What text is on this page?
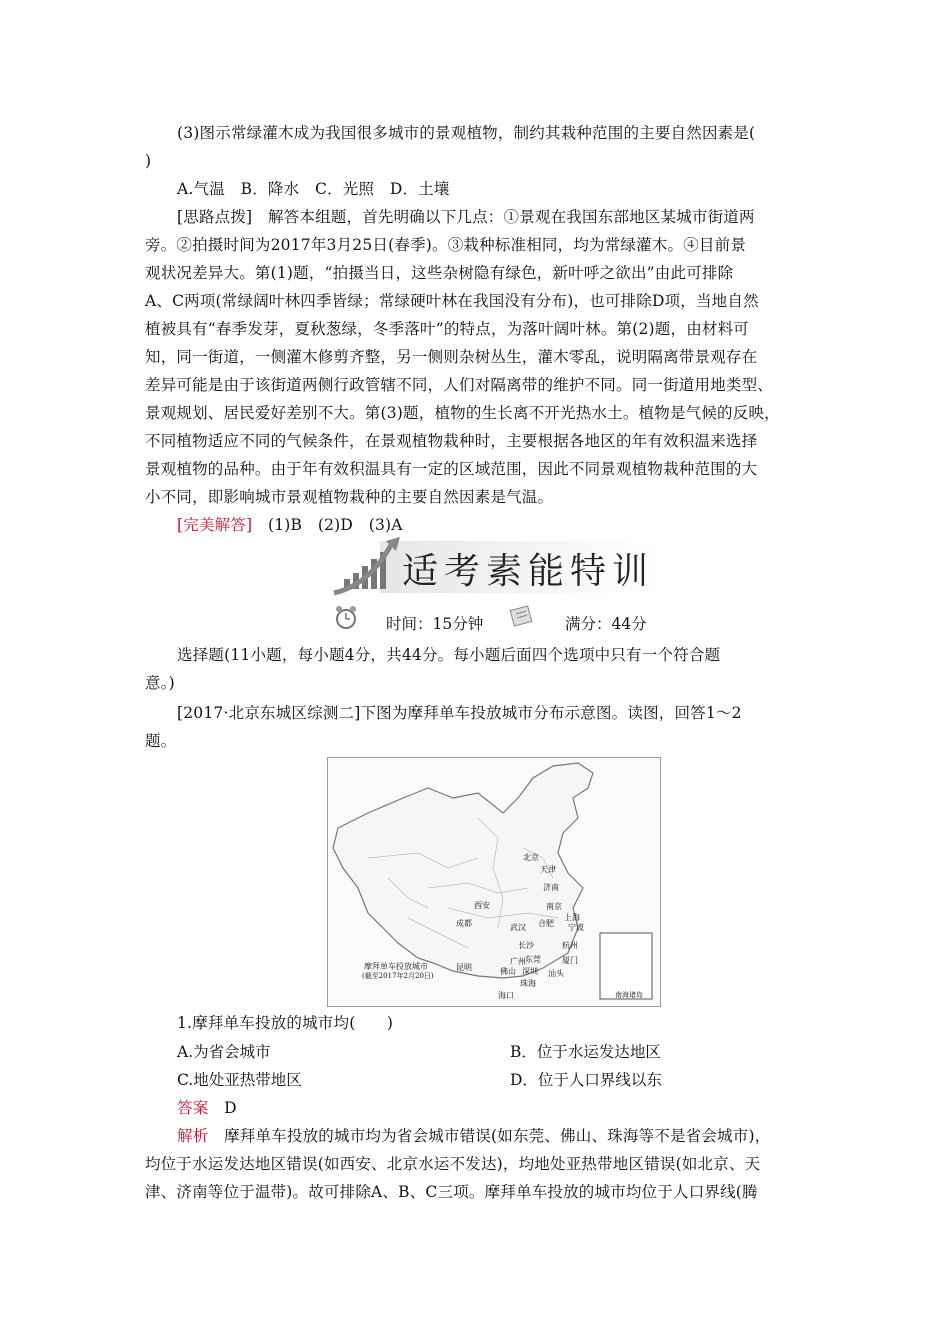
(3)图示常绿灌木成为我国很多城市的景观植物，制约其栽种范围的主要自然因素是(
)
A.气温　B．降水　C．光照　D．土壤
[思路点拨]　解答本组题，首先明确以下几点：①景观在我国东部地区某城市街道两
旁。②拍摄时间为2017年3月25日(春季)。③栽种标准相同，均为常绿灌木。④目前景
观状况差异大。第(1)题，“拍摄当日，这些杂树隐有绿色，新叶呼之欲出”由此可排除
A、C两项(常绿阔叶林四季皆绿；常绿硬叶林在我国没有分布)，也可排除D项，当地自然
植被具有“春季发芽，夏秋葱绿，冬季落叶”的特点，为落叶阔叶林。第(2)题，由材料可
知，同一街道，一侧灌木修剪齐整，另一侧则杂树丛生，灌木零乱，说明隔离带景观存在
差异可能是由于该街道两侧行政管辖不同，人们对隔离带的维护不同。同一街道用地类型、
景观规划、居民爱好差别不大。第(3)题，植物的生长离不开光热水土。植物是气候的反映，
不同植物适应不同的气候条件，在景观植物栽种时，主要根据各地区的年有效积温来选择
景观植物的品种。由于年有效积温具有一定的区域范围，因此不同景观植物栽种范围的大
小不同，即影响城市景观植物栽种的主要自然因素是气温。
[完美解答]　(1)B　(2)D　(3)A
适考素能特训
时间：15分钟	满分：44分
选择题(11小题，每小题4分，共44分。每小题后面四个选项中只有一个符合题
意。)
[2017·北京东城区综测二]下图为摩拜单车投放城市分布示意图。读图，回答1～2
题。
北京
天津
济南
西安	南京
上海
成都	武汉 合肥 宁波
长沙	杭州
昆明
广州 东莞	厦门
佛山 深圳 汕头
珠海
海口
摩拜单车投放城市
(截至2017年2月20日)
南海诸岛
1.摩拜单车投放的城市均(　　)
A.为省会城市	B．位于水运发达地区
C.地处亚热带地区	D．位于人口界线以东
答案　D
解析　摩拜单车投放的城市均为省会城市错误(如东莞、佛山、珠海等不是省会城市)，
均位于水运发达地区错误(如西安、北京水运不发达)，均地处亚热带地区错误(如北京、天
津、济南等位于温带)。故可排除A、B、C三项。摩拜单车投放的城市均位于人口界线(腾
